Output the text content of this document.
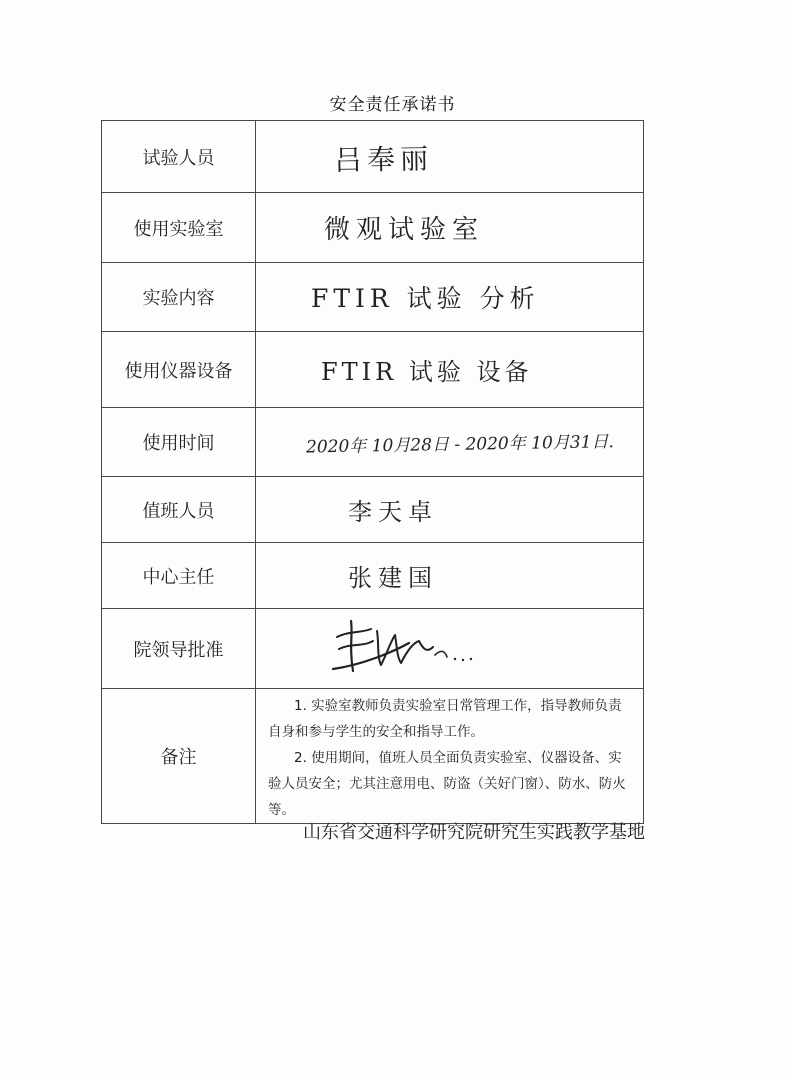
安全责任承诺书
试验人员	吕奉丽

使用实验室	微观试验室

实验内容	FTIR 试验 分析

使用仪器设备	FTIR 试验 设备

使用时间	2020年 10月28日 - 2020年 10月31日.

值班人员	李天卓

中心主任	张建国

院领导批准	

备注	1. 实验室教师负责实验室日常管理工作，指导教师负责自身和参与学生的安全和指导工作。

2. 使用期间，值班人员全面负责实验室、仪器设备、实验人员安全；尤其注意用电、防盗（关好门窗）、防水、防火等。

山东省交通科学研究院研究生实践教学基地
